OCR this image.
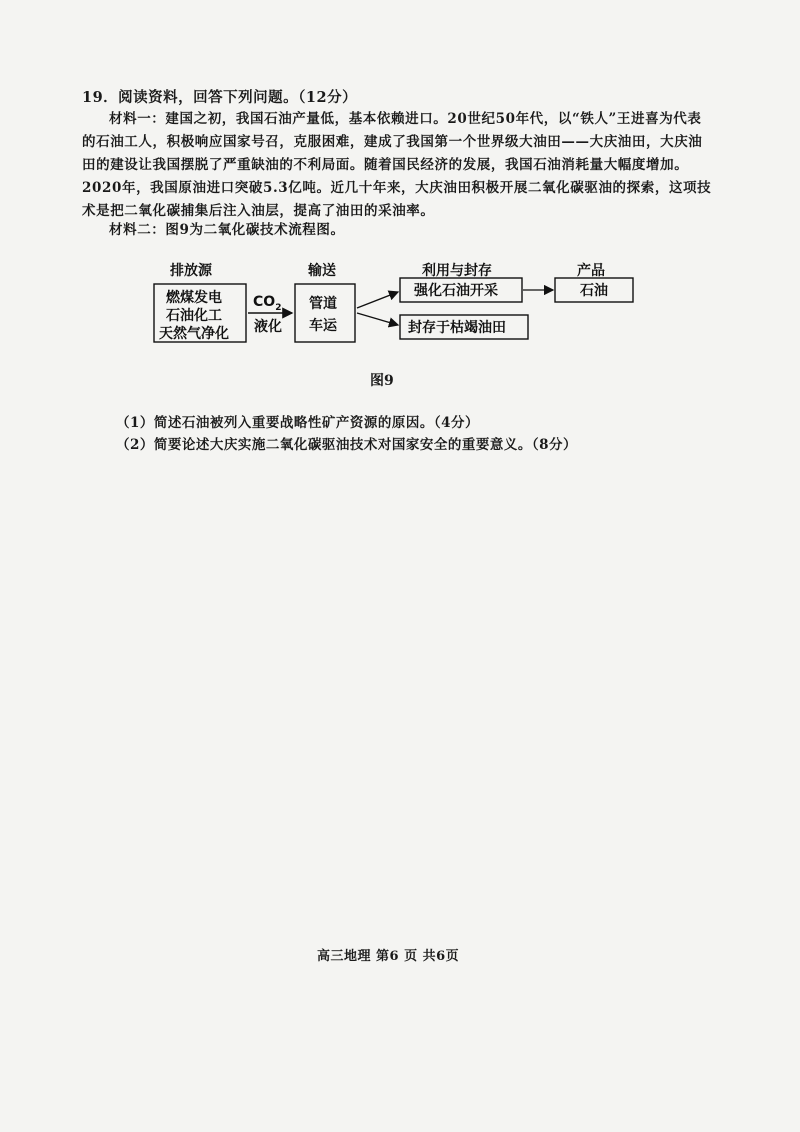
19．阅读资料，回答下列问题。（12分）
材料一：建国之初，我国石油产量低，基本依赖进口。20世纪50年代，以“铁人”王进喜为代表的石油工人，积极响应国家号召，克服困难，建成了我国第一个世界级大油田——大庆油田，大庆油田的建设让我国摆脱了严重缺油的不利局面。随着国民经济的发展，我国石油消耗量大幅度增加。2020年，我国原油进口突破5.3亿吨。近几十年来，大庆油田积极开展二氧化碳驱油的探索，这项技术是把二氧化碳捕集后注入油层，提高了油田的采油率。
材料二：图9为二氧化碳技术流程图。
排放源	输送	利用与封存	产品
燃煤发电
石油化工
天然气净化
$CO_2$
液化
管道
车运
强化石油开采
封存于枯竭油田
石油
图9
（1）简述石油被列入重要战略性矿产资源的原因。（4分）
（2）简要论述大庆实施二氧化碳驱油技术对国家安全的重要意义。（8分）
高三地理 第6 页 共6页
